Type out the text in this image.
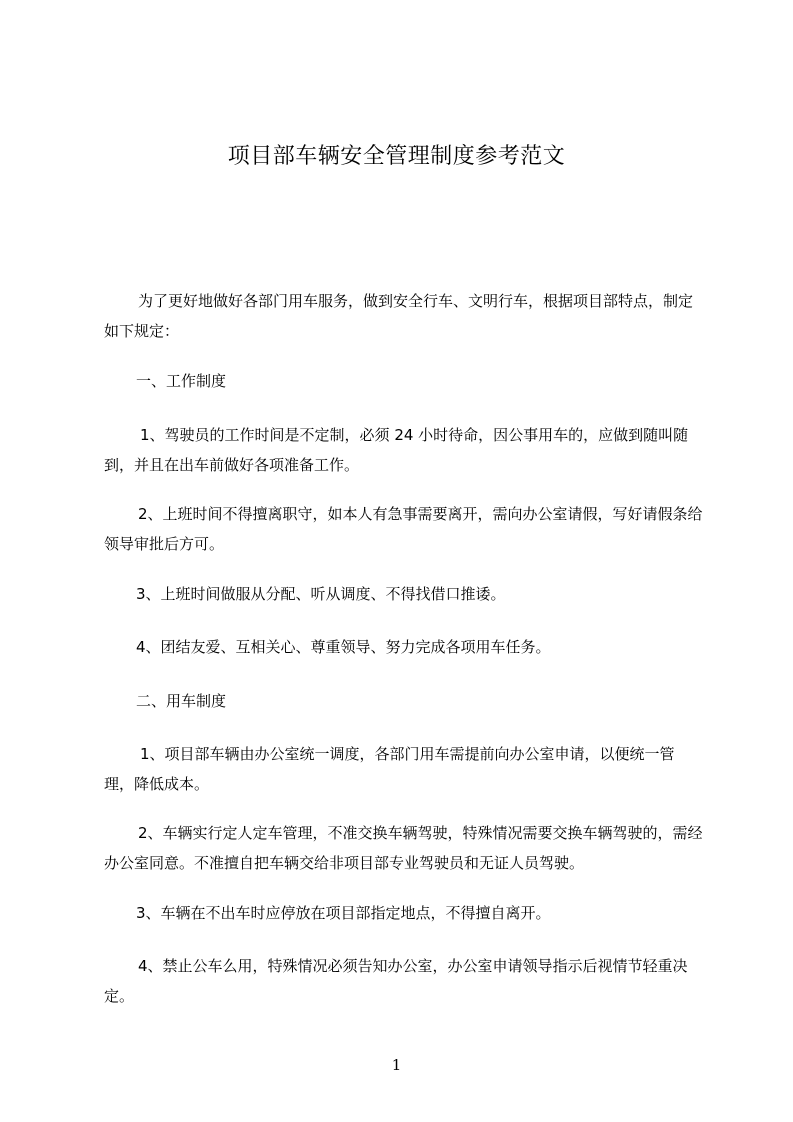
项目部车辆安全管理制度参考范文

为了更好地做好各部门用车服务，做到安全行车、文明行车，根据项目部特点，制定如下规定：

一、工作制度

1、驾驶员的工作时间是不定制，必须 24 小时待命，因公事用车的，应做到随叫随到，并且在出车前做好各项准备工作。

2、上班时间不得擅离职守，如本人有急事需要离开，需向办公室请假，写好请假条给领导审批后方可。

3、上班时间做服从分配、听从调度、不得找借口推诿。

4、团结友爱、互相关心、尊重领导、努力完成各项用车任务。

二、用车制度

1、项目部车辆由办公室统一调度，各部门用车需提前向办公室申请，以便统一管理，降低成本。

2、车辆实行定人定车管理，不准交换车辆驾驶，特殊情况需要交换车辆驾驶的，需经办公室同意。不准擅自把车辆交给非项目部专业驾驶员和无证人员驾驶。

3、车辆在不出车时应停放在项目部指定地点，不得擅自离开。

4、禁止公车么用，特殊情况必须告知办公室，办公室申请领导指示后视情节轻重决定。

1
